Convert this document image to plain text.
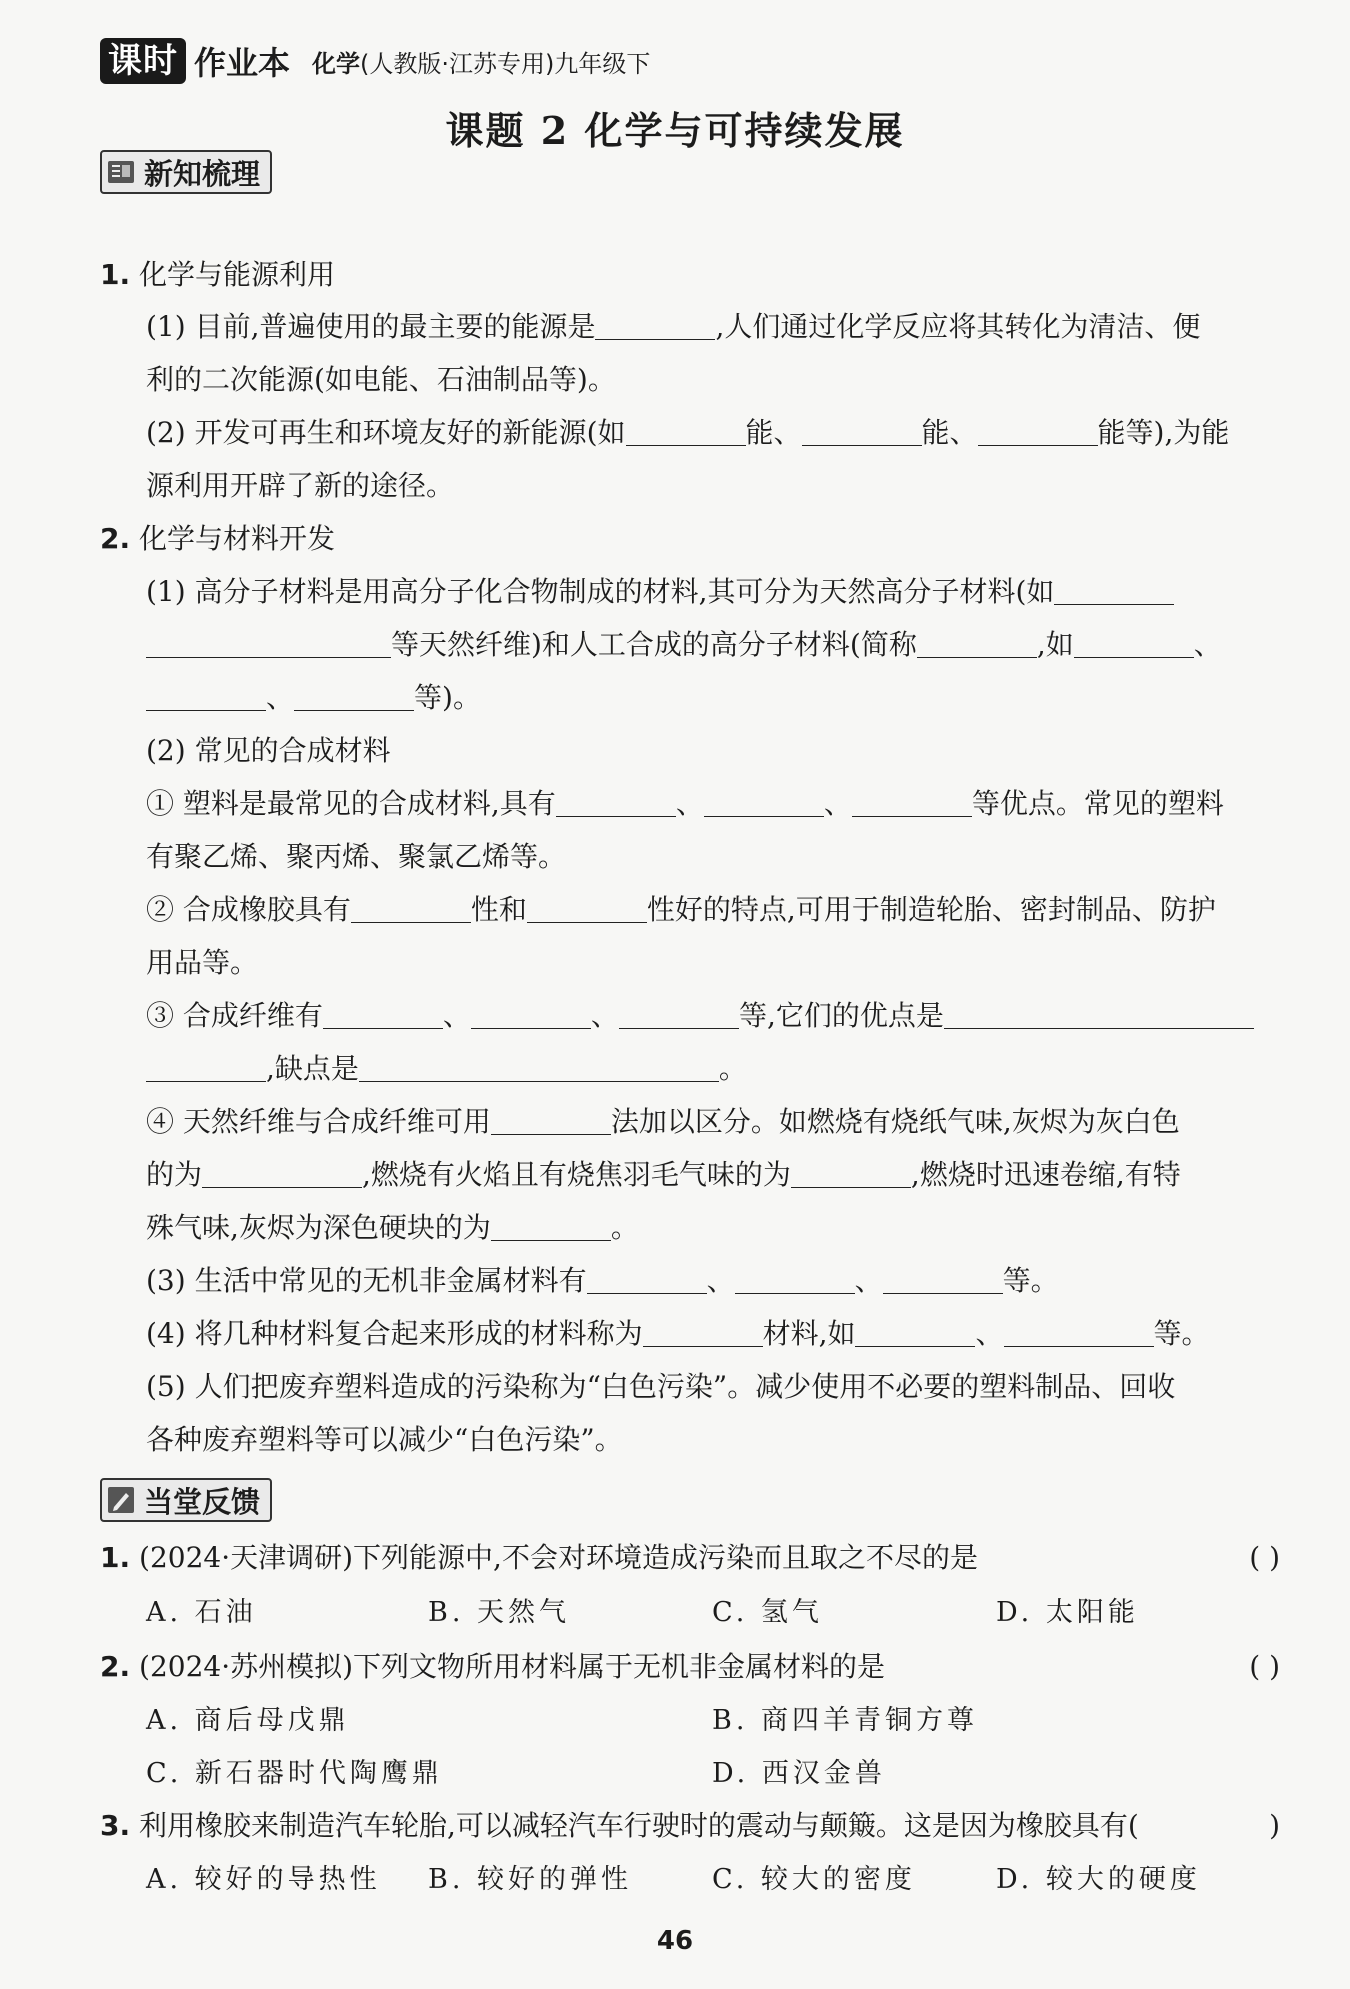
课时 作业本 化学(人教版·江苏专用)九年级下
课题 2 化学与可持续发展
新知梳理
1. 化学与能源利用
(1) 目前,普遍使用的最主要的能源是	,人们通过化学反应将其转化为清洁、便
利的二次能源(如电能、石油制品等)。
(2) 开发可再生和环境友好的新能源(如	能、	能、	能等),为能
源利用开辟了新的途径。
2. 化学与材料开发
(1) 高分子材料是用高分子化合物制成的材料,其可分为天然高分子材料(如
等天然纤维)和人工合成的高分子材料(简称	,如	、
、	等)。
(2) 常见的合成材料
① 塑料是最常见的合成材料,具有	、	、	等优点。常见的塑料
有聚乙烯、聚丙烯、聚氯乙烯等。
② 合成橡胶具有	性和	性好的特点,可用于制造轮胎、密封制品、防护
用品等。
③ 合成纤维有	、	、	等,它们的优点是
,缺点是	。
④ 天然纤维与合成纤维可用	法加以区分。如燃烧有烧纸气味,灰烬为灰白色
的为	,燃烧有火焰且有烧焦羽毛气味的为	,燃烧时迅速卷缩,有特
殊气味,灰烬为深色硬块的为	。
(3) 生活中常见的无机非金属材料有	、	、	等。
(4) 将几种材料复合起来形成的材料称为	材料,如	、	等。
(5) 人们把废弃塑料造成的污染称为“白色污染”。减少使用不必要的塑料制品、回收
各种废弃塑料等可以减少“白色污染”。
当堂反馈
1. (2024·天津调研)下列能源中,不会对环境造成污染而且取之不尽的是	( )
A. 石油	B. 天然气	C. 氢气	D. 太阳能
2. (2024·苏州模拟)下列文物所用材料属于无机非金属材料的是	( )
A. 商后母戊鼎	B. 商四羊青铜方尊
C. 新石器时代陶鹰鼎	D. 西汉金兽
3. 利用橡胶来制造汽车轮胎,可以减轻汽车行驶时的震动与颠簸。这是因为橡胶具有(	)
A. 较好的导热性 B. 较好的弹性	C. 较大的密度	D. 较大的硬度
46
